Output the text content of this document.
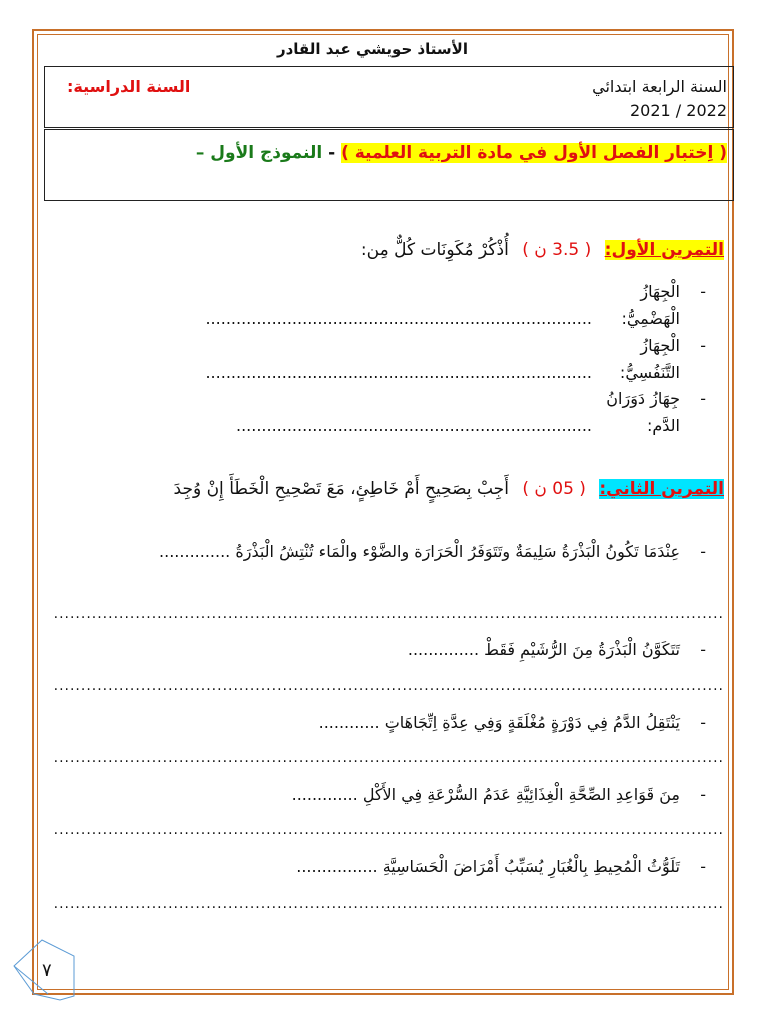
الأستاذ حويشي عبد القادر
السنة الرابعة ابتدائي
2021 / 2022
السنة الدراسية:
( اِختبار الفصل الأول في مادة التربية العلمية ) - النموذج الأول –
التمرين الأول: ( 3.5 ن ) أُذْكُرْ مُكَوِنَات كُلٌّ مِن:
-
الْجِهَازُ الْهَضْمِيُّ:
............................................................................
-
الْجِهَازُ التَّنَفُسِيُّ:
............................................................................
-
جِهَازُ دَوَرَانُ الدَّم:
......................................................................
التمرين الثاني: ( 05 ن ) أَجِبْ بِصَحِيحٍ أَمْ خَاطِئٍ، مَعَ تَصْحِيحِ الْخَطَأَ إِنْ وُجِدَ
-
عِنْدَمَا تَكُونُ الْبَذْرَةُ سَلِيمَةٌ وتَتَوَفَرُ الْحَرَارَة والضَّوْء والْمَاء تُنْتِشُ الْبَذْرَةُ ..............
...........................................................................................................................
-
تَتَكَوَّنُ الْبَذْرَةُ مِنَ الرُّشَيْمِ فَقَطْ ..............
...........................................................................................................................
-
يَنْتَقِلُ الدَّمُ فِي دَوْرَةٍ مُغْلَقَةٍ وَفِي عِدَّةِ اِتِّجَاهَاتٍ ............
...........................................................................................................................
-
مِنَ قَوَاعِدِ الصِّحَّةِ الْغِذَائِيَّةِ عَدَمُ السُّرْعَةِ فِي الأَكْلِ .............
...........................................................................................................................
-
تَلَوُّثُ الْمُحِيطِ بِالْغُبَارِ يُسَبِّبُ أَمْرَاضَ الْحَسَاسِيَّةِ ................
...........................................................................................................................
٧
